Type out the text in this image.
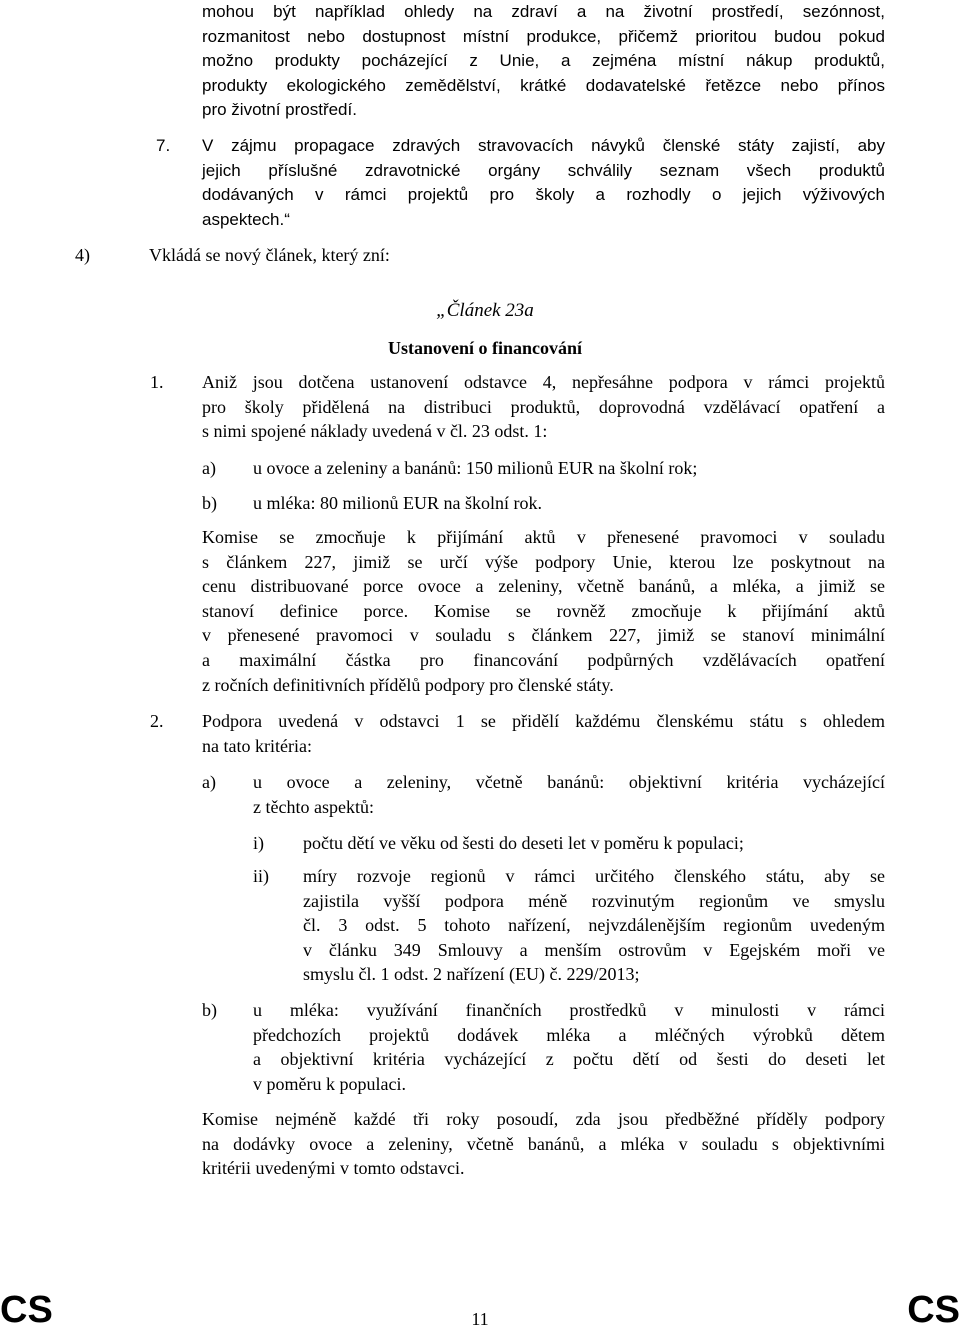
mohou být například ohledy na zdraví a na životní prostředí, sezónnost,
rozmanitost nebo dostupnost místní produkce, přičemž prioritou budou pokud
možno produkty pocházející z Unie, a zejména místní nákup produktů,
produkty ekologického zemědělství, krátké dodavatelské řetězce nebo přínos
pro životní prostředí.
7. V zájmu propagace zdravých stravovacích návyků členské státy zajistí, aby
jejich příslušné zdravotnické orgány schválily seznam všech produktů
dodávaných v rámci projektů pro školy a rozhodly o jejich výživových
aspektech.“
4)	Vkládá se nový článek, který zní:
„Článek 23a
Ustanovení o financování
1. Aniž jsou dotčena ustanovení odstavce 4, nepřesáhne podpora v rámci projektů
pro školy přidělená na distribuci produktů, doprovodná vzdělávací opatření a
s nimi spojené náklady uvedená v čl. 23 odst. 1:
a) u ovoce a zeleniny a banánů: 150 milionů EUR na školní rok;
b) u mléka: 80 milionů EUR na školní rok.
Komise se zmocňuje k přijímání aktů v přenesené pravomoci v souladu
s článkem 227, jimiž se určí výše podpory Unie, kterou lze poskytnout na
cenu distribuované porce ovoce a zeleniny, včetně banánů, a mléka, a jimiž se
stanoví definice porce. Komise se rovněž zmocňuje k přijímání aktů
v přenesené pravomoci v souladu s článkem 227, jimiž se stanoví minimální
a maximální částka pro financování podpůrných vzdělávacích opatření
z ročních definitivních přídělů podpory pro členské státy.
2. Podpora uvedená v odstavci 1 se přidělí každému členskému státu s ohledem
na tato kritéria:
a) u ovoce a zeleniny, včetně banánů: objektivní kritéria vycházející
z těchto aspektů:
i) počtu dětí ve věku od šesti do deseti let v poměru k populaci;
ii) míry rozvoje regionů v rámci určitého členského státu, aby se
zajistila vyšší podpora méně rozvinutým regionům ve smyslu
čl. 3 odst. 5 tohoto nařízení, nejvzdálenějším regionům uvedeným
v článku 349 Smlouvy a menším ostrovům v Egejském moři ve
smyslu čl. 1 odst. 2 nařízení (EU) č. 229/2013;
b) u mléka: využívání finančních prostředků v minulosti v rámci
předchozích projektů dodávek mléka a mléčných výrobků dětem
a objektivní kritéria vycházející z počtu dětí od šesti do deseti let
v poměru k populaci.
Komise nejméně každé tři roky posoudí, zda jsou předběžné příděly podpory
na dodávky ovoce a zeleniny, včetně banánů, a mléka v souladu s objektivními
kritérii uvedenými v tomto odstavci.
CS	11	CS
